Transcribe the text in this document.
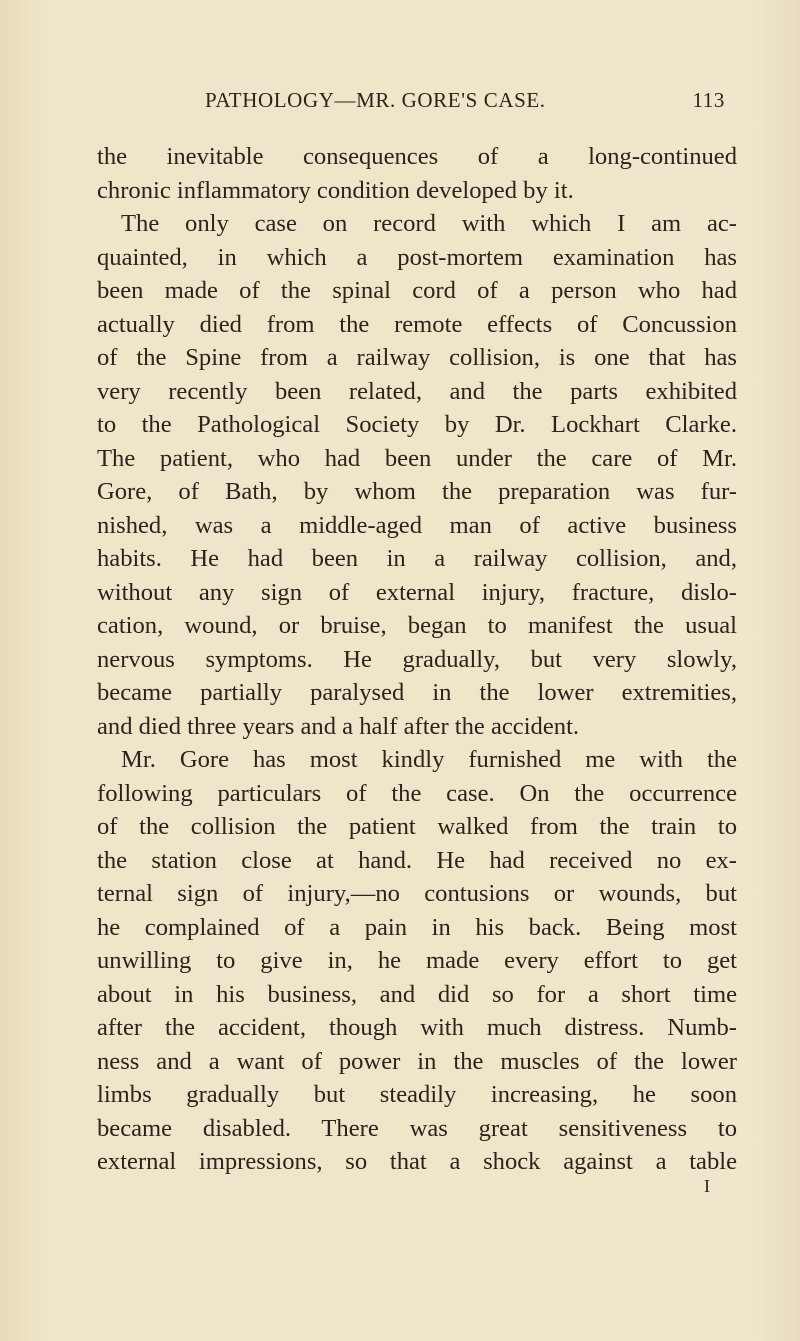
PATHOLOGY—MR. GORE'S CASE.	113
the inevitable consequences of a long-continued
chronic inflammatory condition developed by it.
The only case on record with which I am ac-
quainted, in which a post-mortem examination has
been made of the spinal cord of a person who had
actually died from the remote effects of Concussion
of the Spine from a railway collision, is one that has
very recently been related, and the parts exhibited
to the Pathological Society by Dr. Lockhart Clarke.
The patient, who had been under the care of Mr.
Gore, of Bath, by whom the preparation was fur-
nished, was a middle-aged man of active business
habits. He had been in a railway collision, and,
without any sign of external injury, fracture, dislo-
cation, wound, or bruise, began to manifest the usual
nervous symptoms. He gradually, but very slowly,
became partially paralysed in the lower extremities,
and died three years and a half after the accident.
Mr. Gore has most kindly furnished me with the
following particulars of the case. On the occurrence
of the collision the patient walked from the train to
the station close at hand. He had received no ex-
ternal sign of injury,—no contusions or wounds, but
he complained of a pain in his back. Being most
unwilling to give in, he made every effort to get
about in his business, and did so for a short time
after the accident, though with much distress. Numb-
ness and a want of power in the muscles of the lower
limbs gradually but steadily increasing, he soon
became disabled. There was great sensitiveness to
external impressions, so that a shock against a table
I
